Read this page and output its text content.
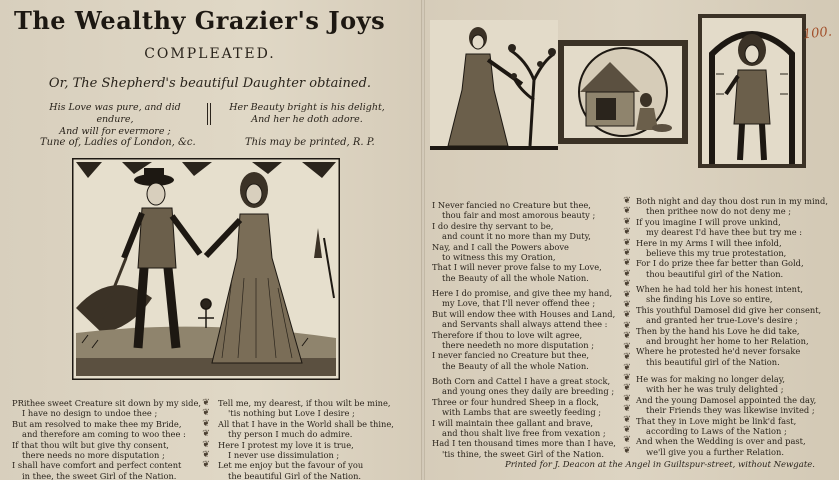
The Wealthy Grazier's Joys
COMPLEATED.
Or, The Shepherd's beautiful Daughter obtained.
His Love was pure, and did endure,
And will for evermore ;
Her Beauty bright is his delight,
And her he doth adore.
Tune of, Ladies of London, &c.	This may be printed, R. P.
100.
PRithee sweet Creature sit down by my side,
I have no design to undoe thee ;
But am resolved to make thee my Bride,
and therefore am coming to woo thee :
If that thou wilt but give thy consent,
there needs no more disputation ;
I shall have comfort and perfect content
in thee, the sweet Girl of the Nation.
❦
❦
❦
❦
❦
❦
❦
Tell me, my dearest, if thou wilt be mine,
'tis nothing but Love I desire ;
All that I have in the World shall be thine,
thy person I much do admire.
Here I protest my love it is true,
I never use dissimulation ;
Let me enjoy but the favour of you
the beautiful Girl of the Nation.
I Never fancied no Creature but thee,
thou fair and most amorous beauty ;
I do desire thy servant to be,
and count it no more than my Duty,
Nay, and I call the Powers above
to witness this my Oration,
That I will never prove false to my Love,
the Beauty of all the whole Nation.
Here I do promise, and give thee my hand,
my Love, that I'll never offend thee ;
But will endow thee with Houses and Land,
and Servants shall always attend thee :
Therefore if thou to love wilt agree,
there needeth no more disputation ;
I never fancied no Creature but thee,
the Beauty of all the whole Nation.
Both Corn and Cattel I have a great stock,
and young ones they daily are breeding ;
Three or four hundred Sheep in a flock,
with Lambs that are sweetly feeding ;
I will maintain thee gallant and brave,
and thou shalt live free from vexation ;
Had I ten thousand times more than I have,
'tis thine, the sweet Girl of the Nation.
❦
❦
❦
❦
❦
❦
❦
❦
❦
❦
❦
❦
❦
❦
❦
❦
❦
❦
❦
❦
❦
❦
❦
❦
❦
Both night and day thou dost run in my mind,
then prithee now do not deny me ;
If you imagine I will prove unkind,
my dearest I'd have thee but try me :
Here in my Arms I will thee infold,
believe this my true protestation,
For I do prize thee far better than Gold,
thou beautiful girl of the Nation.
When he had told her his honest intent,
she finding his Love so entire,
This youthful Damosel did give her consent,
and granted her true-Love's desire ;
Then by the hand his Love he did take,
and brought her home to her Relation,
Where he protested he'd never forsake
this beautiful girl of the Nation.
He was for making no longer delay,
with her he was truly delighted ;
And the young Damosel appointed the day,
their Friends they was likewise invited ;
That they in Love might be link'd fast,
according to Laws of the Nation ;
And when the Wedding is over and past,
we'll give you a further Relation.
Printed for J. Deacon at the Angel in Guiltspur-street, without Newgate.
